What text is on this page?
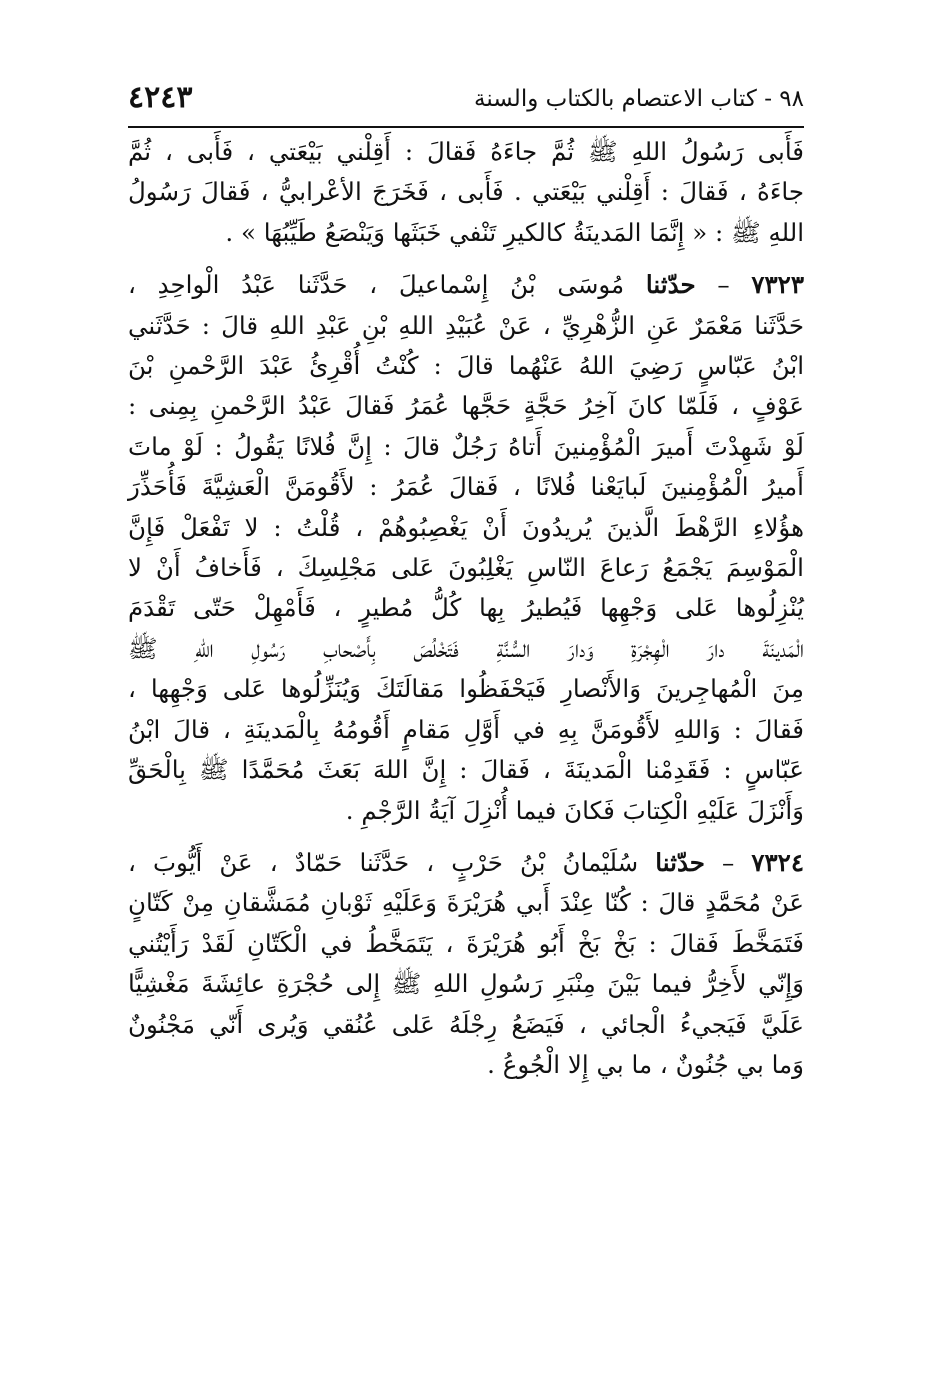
٤٢٤٣	٩٨ - كتاب الاعتصام بالكتاب والسنة
فَأَبى رَسُولُ اللهِ ﷺ ثُمَّ جاءَهُ فَقالَ : أَقِلْني بَيْعَتي ، فَأَبى ، ثُمَّ
جاءَهُ ، فَقالَ : أَقِلْني بَيْعَتي . فَأَبى ، فَخَرَجَ الأعْرابيُّ ، فَقالَ رَسُولُ
اللهِ ﷺ : « إِنَّمَا المَدينَةُ كالكيرِ تَنْفي خَبَثَها وَيَنْصَعُ طَيِّبُهَا » .
٧٣٢٣ – حدّثنا مُوسَى بْنُ إِسْماعيلَ ، حَدَّثَنا عَبْدُ الْواحِدِ ،
حَدَّثَنا مَعْمَرٌ عَنِ الزُّهْرِيِّ ، عَنْ عُبَيْدِ اللهِ بْنِ عَبْدِ اللهِ قالَ : حَدَّثَني
ابْنُ عَبّاسٍ رَضِيَ اللهُ عَنْهُما قالَ : كُنْتُ أُقْرِئُ عَبْدَ الرَّحْمنِ بْنَ
عَوْفٍ ، فَلَمّا كانَ آخِرُ حَجَّةٍ حَجَّها عُمَرُ فَقالَ عَبْدُ الرَّحْمنِ بِمِنى :
لَوْ شَهِدْتَ أَميرَ الْمُؤْمِنينَ أَتاهُ رَجُلٌ قالَ : إِنَّ فُلانًا يَقُولُ : لَوْ ماتَ
أَميرُ الْمُؤْمِنينَ لَبايَعْنا فُلانًا ، فَقالَ عُمَرُ : لأَقُومَنَّ الْعَشِيَّةَ فَأُحَذِّرَ
هؤُلاءِ الرَّهْطَ الَّذينَ يُريدُونَ أَنْ يَغْصِبُوهُمْ ، قُلْتُ : لا تَفْعَلْ فَإِنَّ
الْمَوْسِمَ يَجْمَعُ رَعاعَ النّاسِ يَغْلِبُونَ عَلى مَجْلِسِكَ ، فَأَخافُ أَنْ لا
يُنْزِلُوها عَلى وَجْهِها فَيُطيرُ بِها كُلُّ مُطيرٍ ، فَأَمْهِلْ حَتّى تَقْدَمَ
الْمَدينَةَ دارَ الْهِجْرَةِ وَدارَ السُّنَّةِ فَتَخْلُصَ بِأَصْحابِ رَسُولِ اللهِ ﷺ
مِنَ الْمُهاجِرينَ وَالأَنْصارِ فَيَحْفَظُوا مَقالَتَكَ وَيُنَزِّلُوها عَلى وَجْهِها ،
فَقالَ : وَاللهِ لأَقُومَنَّ بِهِ في أَوَّلِ مَقامٍ أَقُومُهُ بِالْمَدينَةِ ، قالَ ابْنُ
عَبّاسٍ : فَقَدِمْنا الْمَدينَةَ ، فَقالَ : إِنَّ اللهَ بَعَثَ مُحَمَّدًا ﷺ بِالْحَقِّ
وَأَنْزَلَ عَلَيْهِ الْكِتابَ فَكانَ فيما أُنْزِلَ آيَةُ الرَّجْمِ .
٧٣٢٤ – حدّثنا سُلَيْمانُ بْنُ حَرْبٍ ، حَدَّثَنا حَمّادٌ ، عَنْ أَيُّوبَ ،
عَنْ مُحَمَّدٍ قالَ : كُنّا عِنْدَ أَبي هُرَيْرَةَ وَعَلَيْهِ ثَوْبانِ مُمَشَّقانِ مِنْ كَتّانٍ
فَتَمَخَّطَ فَقالَ : بَخْ بَخْ أَبُو هُرَيْرَةَ ، يَتَمَخَّطُ في الْكَتّانِ لَقَدْ رَأَيْتُني
وَإِنّي لأَخِرُّ فيما بَيْنَ مِنْبَرِ رَسُولِ اللهِ ﷺ إِلى حُجْرَةِ عائِشَةَ مَغْشِيًّا
عَلَيَّ فَيَجيءُ الْجائي ، فَيَضَعُ رِجْلَهُ عَلى عُنُقي وَيُرى أَنّي مَجْنُونٌ
وَما بي جُنُونٌ ، ما بي إِلا الْجُوعُ .
